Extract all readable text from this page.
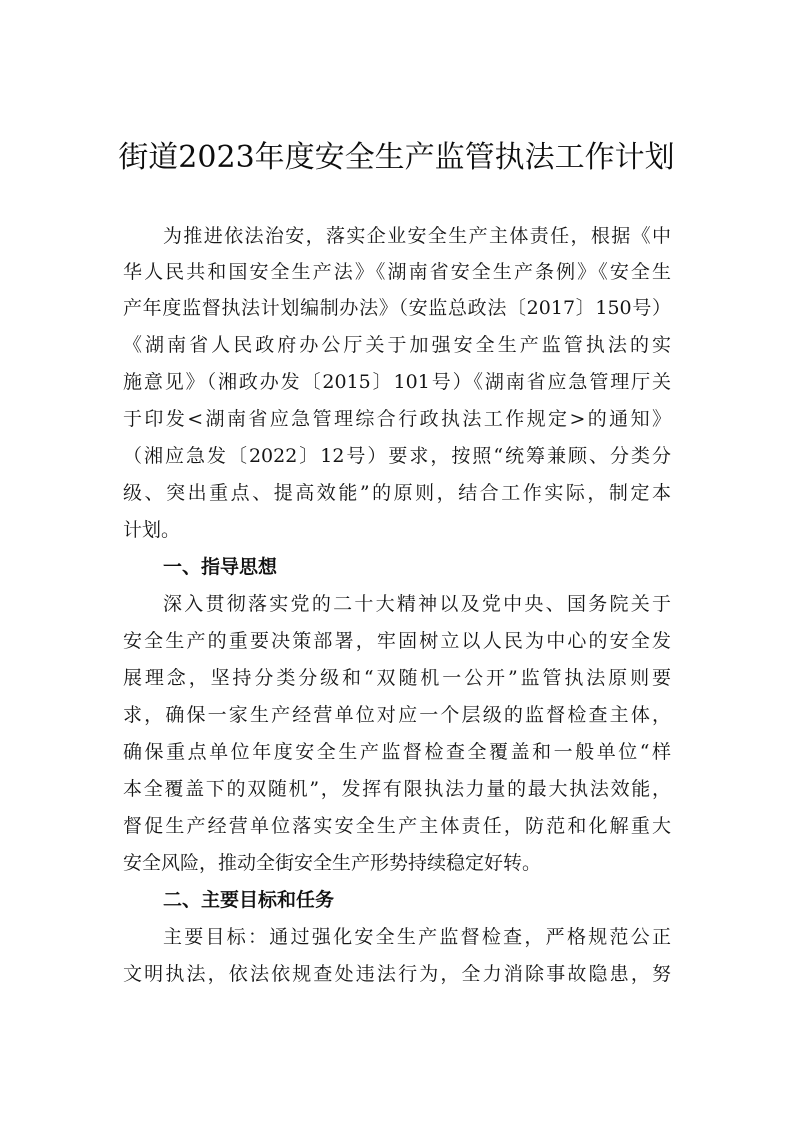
街道2023年度安全生产监管执法工作计划
为推进依法治安，落实企业安全生产主体责任，根据《中
华人民共和国安全生产法》《湖南省安全生产条例》《安全生
产年度监督执法计划编制办法》（安监总政法〔2017〕150号）
《湖南省人民政府办公厅关于加强安全生产监管执法的实
施意见》（湘政办发〔2015〕101号）《湖南省应急管理厅关
于印发<湖南省应急管理综合行政执法工作规定>的通知》
（湘应急发〔2022〕12号）要求，按照“统筹兼顾、分类分
级、突出重点、提高效能”的原则，结合工作实际，制定本
计划。
一、指导思想
深入贯彻落实党的二十大精神以及党中央、国务院关于
安全生产的重要决策部署，牢固树立以人民为中心的安全发
展理念，坚持分类分级和“双随机一公开”监管执法原则要
求，确保一家生产经营单位对应一个层级的监督检查主体，
确保重点单位年度安全生产监督检查全覆盖和一般单位“样
本全覆盖下的双随机”，发挥有限执法力量的最大执法效能，
督促生产经营单位落实安全生产主体责任，防范和化解重大
安全风险，推动全街安全生产形势持续稳定好转。
二、主要目标和任务
主要目标：通过强化安全生产监督检查，严格规范公正
文明执法，依法依规查处违法行为，全力消除事故隐患，努
